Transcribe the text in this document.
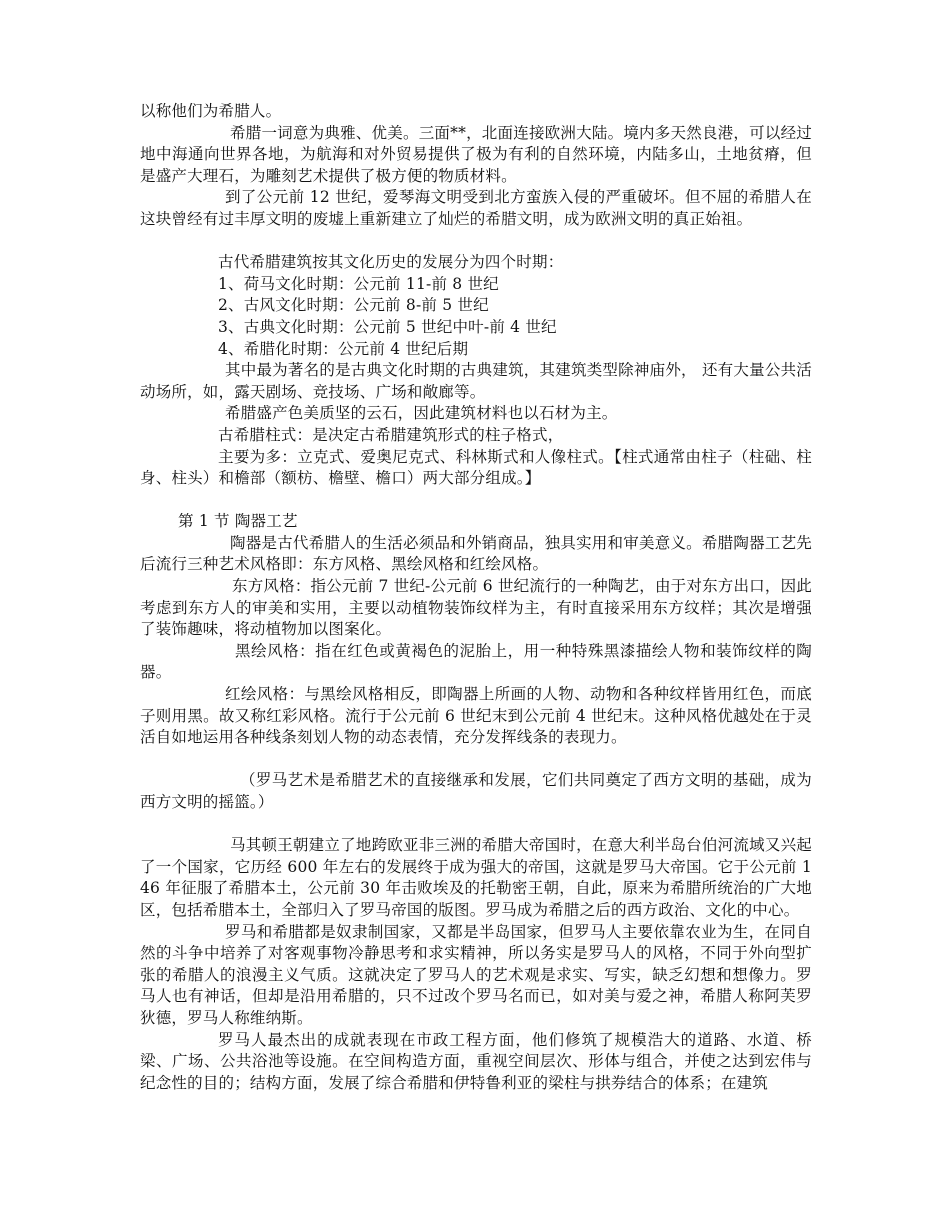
以称他们为希腊人。

希腊一词意为典雅、优美。三面**，北面连接欧洲大陆。境内多天然良港，可以经过地中海通向世界各地，为航海和对外贸易提供了极为有利的自然环境，内陆多山，土地贫瘠，但是盛产大理石，为雕刻艺术提供了极方便的物质材料。

到了公元前 12 世纪，爱琴海文明受到北方蛮族入侵的严重破坏。但不屈的希腊人在这块曾经有过丰厚文明的废墟上重新建立了灿烂的希腊文明，成为欧洲文明的真正始祖。

古代希腊建筑按其文化历史的发展分为四个时期：

1、荷马文化时期：公元前 11-前 8 世纪

2、古风文化时期：公元前 8-前 5 世纪

3、古典文化时期：公元前 5 世纪中叶-前 4 世纪

4、希腊化时期：公元前 4 世纪后期

其中最为著名的是古典文化时期的古典建筑，其建筑类型除神庙外， 还有大量公共活动场所，如，露天剧场、竞技场、广场和敞廊等。

希腊盛产色美质坚的云石，因此建筑材料也以石材为主。

古希腊柱式：是决定古希腊建筑形式的柱子格式，

主要为多：立克式、爱奥尼克式、科林斯式和人像柱式。【柱式通常由柱子（柱础、柱身、柱头）和檐部（额枋、檐壁、檐口）两大部分组成。】

第 1 节 陶器工艺

陶器是古代希腊人的生活必须品和外销商品，独具实用和审美意义。希腊陶器工艺先后流行三种艺术风格即：东方风格、黑绘风格和红绘风格。

东方风格：指公元前 7 世纪-公元前 6 世纪流行的一种陶艺，由于对东方出口，因此考虑到东方人的审美和实用，主要以动植物装饰纹样为主，有时直接采用东方纹样；其次是增强了装饰趣味，将动植物加以图案化。

黑绘风格：指在红色或黄褐色的泥胎上，用一种特殊黑漆描绘人物和装饰纹样的陶器。

红绘风格：与黑绘风格相反，即陶器上所画的人物、动物和各种纹样皆用红色，而底子则用黑。故又称红彩风格。流行于公元前 6 世纪末到公元前 4 世纪末。这种风格优越处在于灵活自如地运用各种线条刻划人物的动态表情，充分发挥线条的表现力。

（罗马艺术是希腊艺术的直接继承和发展，它们共同奠定了西方文明的基础，成为西方文明的摇篮。）

马其顿王朝建立了地跨欧亚非三洲的希腊大帝国时，在意大利半岛台伯河流域又兴起了一个国家，它历经 600 年左右的发展终于成为强大的帝国，这就是罗马大帝国。它于公元前 146 年征服了希腊本土，公元前 30 年击败埃及的托勒密王朝，自此，原来为希腊所统治的广大地区，包括希腊本土，全部归入了罗马帝国的版图。罗马成为希腊之后的西方政治、文化的中心。

罗马和希腊都是奴隶制国家，又都是半岛国家，但罗马人主要依靠农业为生，在同自然的斗争中培养了对客观事物冷静思考和求实精神，所以务实是罗马人的风格，不同于外向型扩张的希腊人的浪漫主义气质。这就决定了罗马人的艺术观是求实、写实，缺乏幻想和想像力。罗马人也有神话，但却是沿用希腊的，只不过改个罗马名而已，如对美与爱之神，希腊人称阿芙罗狄德，罗马人称维纳斯。

罗马人最杰出的成就表现在市政工程方面，他们修筑了规模浩大的道路、水道、桥梁、广场、公共浴池等设施。在空间构造方面，重视空间层次、形体与组合，并使之达到宏伟与纪念性的目的；结构方面，发展了综合希腊和伊特鲁利亚的梁柱与拱券结合的体系；在建筑
